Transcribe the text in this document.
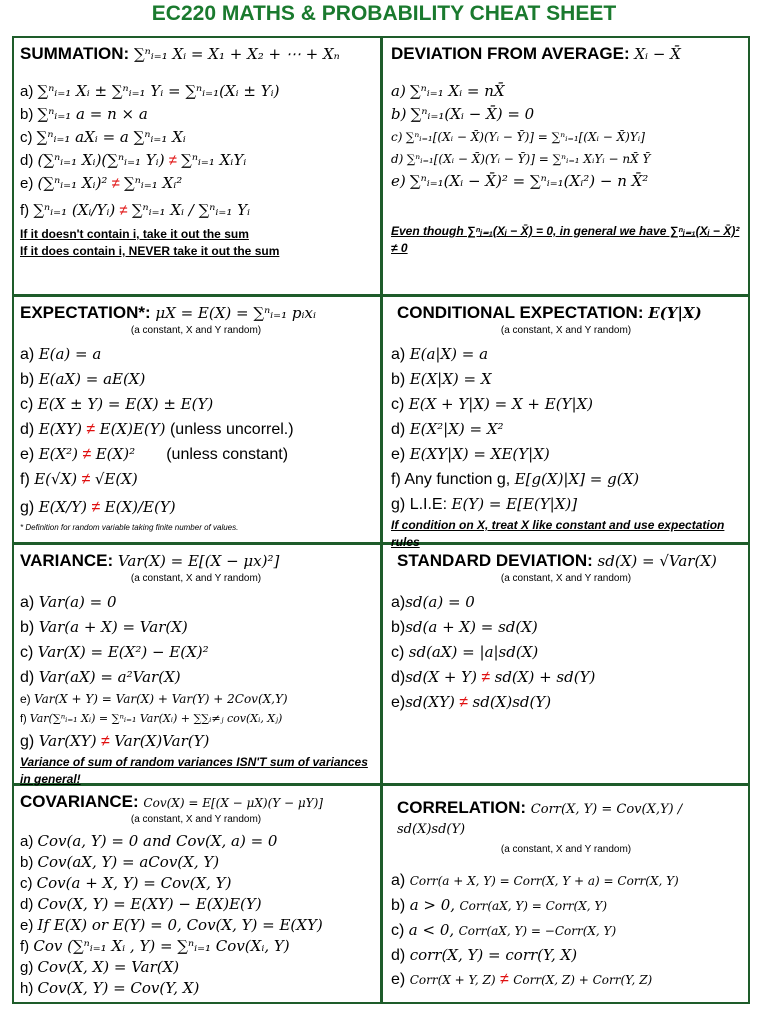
EC220 MATHS & PROBABILITY CHEAT SHEET
SUMMATION: ∑ⁿᵢ₌₁ Xᵢ = X₁ + X₂ + ⋯ + Xₙ
a) ∑ⁿᵢ₌₁ Xᵢ ± ∑ⁿᵢ₌₁ Yᵢ = ∑ⁿᵢ₌₁(Xᵢ ± Yᵢ)
b) ∑ⁿᵢ₌₁ a = n × a
c) ∑ⁿᵢ₌₁ aXᵢ = a ∑ⁿᵢ₌₁ Xᵢ
d) (∑ⁿᵢ₌₁ Xᵢ)(∑ⁿᵢ₌₁ Yᵢ) ≠ ∑ⁿᵢ₌₁ XᵢYᵢ
e) (∑ⁿᵢ₌₁ Xᵢ)² ≠ ∑ⁿᵢ₌₁ Xᵢ²
f) ∑ⁿᵢ₌₁ (Xᵢ/Yᵢ) ≠ ∑ⁿᵢ₌₁ Xᵢ / ∑ⁿᵢ₌₁ Yᵢ
If it doesn't contain i, take it out the sum
If it does contain i, NEVER take it out the sum
DEVIATION FROM AVERAGE: Xᵢ − X̄
a) ∑ⁿᵢ₌₁ Xᵢ = nX̄
b) ∑ⁿᵢ₌₁(Xᵢ − X̄) = 0
c) ∑ⁿᵢ₌₁[(Xᵢ − X̄)(Yᵢ − Ȳ)] = ∑ⁿᵢ₌₁[(Xᵢ − X̄)Yᵢ]
d) ∑ⁿᵢ₌₁[(Xᵢ − X̄)(Yᵢ − Ȳ)] = ∑ⁿᵢ₌₁ XᵢYᵢ − nX̄ Ȳ
e) ∑ⁿᵢ₌₁(Xᵢ − X̄)² = ∑ⁿᵢ₌₁(Xᵢ²) − n X̄²
Even though ∑ⁿᵢ₌₁(Xᵢ − X̄) = 0, in general we have ∑ⁿᵢ₌₁(Xᵢ − X̄)² ≠ 0
EXPECTATION*: μX = E(X) = ∑ⁿᵢ₌₁ pᵢxᵢ
(a constant, X and Y random)
a) E(a) = a
b) E(aX) = aE(X)
c) E(X ± Y) = E(X) ± E(Y)
d) E(XY) ≠ E(X)E(Y) (unless uncorrel.)
e) E(X²) ≠ E(X)² (unless constant)
f) E(√X) ≠ √E(X)
g) E(X/Y) ≠ E(X)/E(Y)
* Definition for random variable taking finite number of values.
CONDITIONAL EXPECTATION: E(Y|X)
(a constant, X and Y random)
a) E(a|X) = a
b) E(X|X) = X
c) E(X + Y|X) = X + E(Y|X)
d) E(X²|X) = X²
e) E(XY|X) = XE(Y|X)
f) Any function g, E[g(X)|X] = g(X)
g) L.I.E: E(Y) = E[E(Y|X)]
If condition on X, treat X like constant and use expectation rules
VARIANCE: Var(X) = E[(X − μx)²]
(a constant, X and Y random)
a) Var(a) = 0
b) Var(a + X) = Var(X)
c) Var(X) = E(X²) − E(X)²
d) Var(aX) = a²Var(X)
e) Var(X + Y) = Var(X) + Var(Y) + 2Cov(X,Y)
f) Var(∑ⁿᵢ₌₁ Xᵢ) = ∑ⁿᵢ₌₁ Var(Xᵢ) + ∑∑ᵢ≠ⱼ cov(Xᵢ, Xⱼ)
g) Var(XY) ≠ Var(X)Var(Y)
Variance of sum of random variances ISN'T sum of variances in general!
STANDARD DEVIATION: sd(X) = √Var(X)
(a constant, X and Y random)
a)sd(a) = 0
b)sd(a + X) = sd(X)
c) sd(aX) = |a|sd(X)
d)sd(X + Y) ≠ sd(X) + sd(Y)
e)sd(XY) ≠ sd(X)sd(Y)
COVARIANCE: Cov(X) = E[(X − μX)(Y − μY)]
(a constant, X and Y random)
a) Cov(a, Y) = 0 and Cov(X, a) = 0
b) Cov(aX, Y) = aCov(X, Y)
c) Cov(a + X, Y) = Cov(X, Y)
d) Cov(X, Y) = E(XY) − E(X)E(Y)
e) If E(X) or E(Y) = 0, Cov(X, Y) = E(XY)
f) Cov (∑ⁿᵢ₌₁ Xᵢ , Y) = ∑ⁿᵢ₌₁ Cov(Xᵢ, Y)
g) Cov(X, X) = Var(X)
h) Cov(X, Y) = Cov(Y, X)
CORRELATION: Corr(X, Y) = Cov(X,Y) / sd(X)sd(Y)
(a constant, X and Y random)
a) Corr(a + X, Y) = Corr(X, Y + a) = Corr(X, Y)
b) a > 0, Corr(aX, Y) = Corr(X, Y)
c) a < 0, Corr(aX, Y) = −Corr(X, Y)
d) corr(X, Y) = corr(Y, X)
e) Corr(X + Y, Z) ≠ Corr(X, Z) + Corr(Y, Z)
